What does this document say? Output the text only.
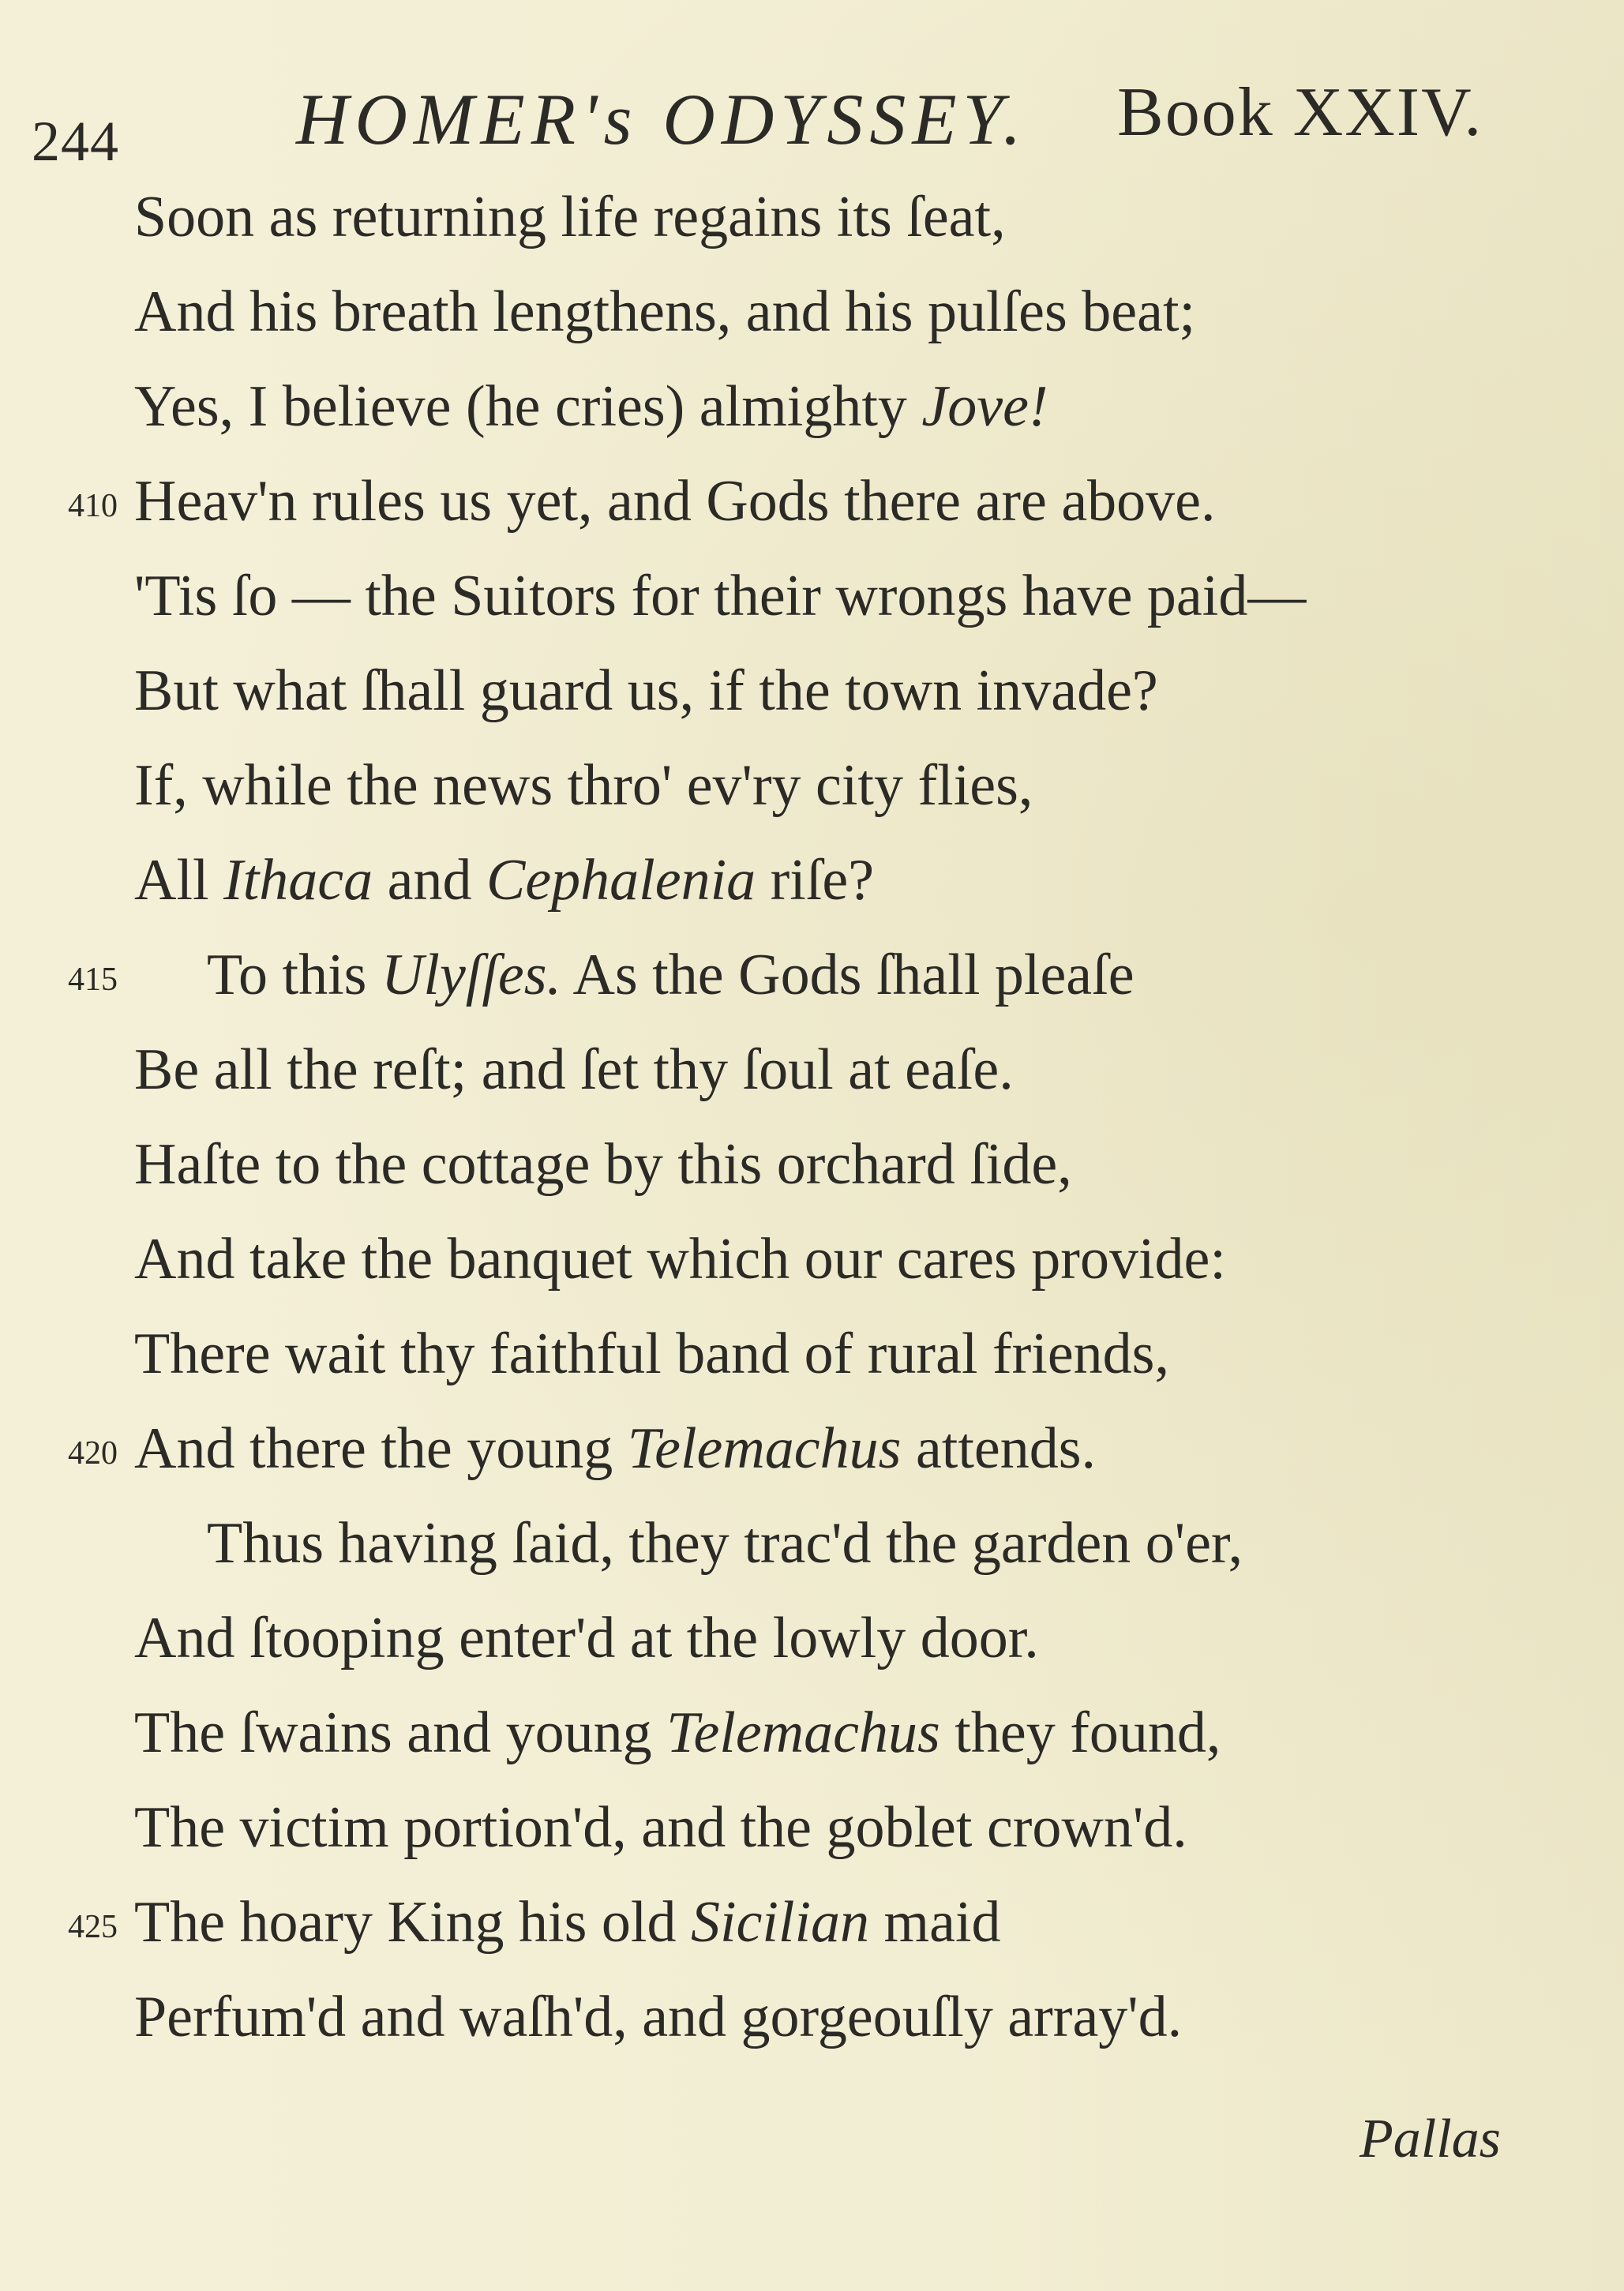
244 HOMER's ODYSSEY. Book XXIV.
Soon as returning life regains its ſeat,
And his breath lengthens, and his pulſes beat;
Yes, I believe (he cries) almighty Jove!
410 Heav'n rules us yet, and Gods there are above.
'Tis ſo — the Suitors for their wrongs have paid—
But what ſhall guard us, if the town invade?
If, while the news thro' ev'ry city flies,
All Ithaca and Cephalenia riſe?
415 To this Ulyſſes. As the Gods ſhall pleaſe
Be all the reſt; and ſet thy ſoul at eaſe.
Haſte to the cottage by this orchard ſide,
And take the banquet which our cares provide:
There wait thy faithful band of rural friends,
420 And there the young Telemachus attends.
Thus having ſaid, they trac'd the garden o'er,
And ſtooping enter'd at the lowly door.
The ſwains and young Telemachus they found,
The victim portion'd, and the goblet crown'd.
425 The hoary King his old Sicilian maid
Perfum'd and waſh'd, and gorgeouſly array'd.
Pallas
